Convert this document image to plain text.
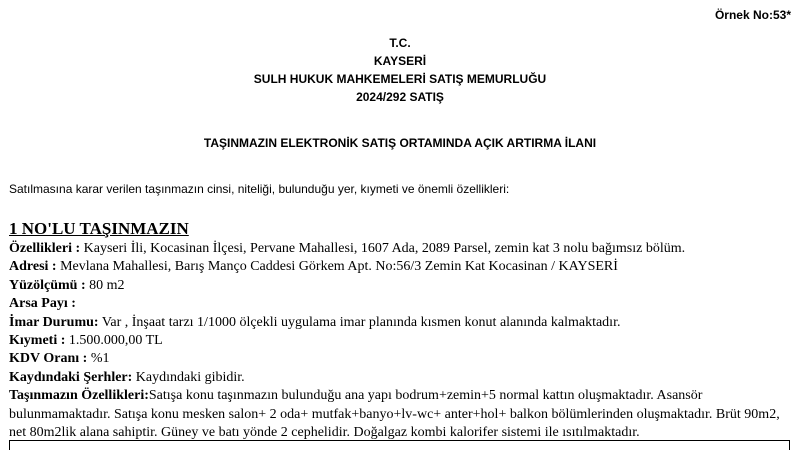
Örnek No:53*
T.C.
KAYSERİ
SULH HUKUK MAHKEMELERİ SATIŞ MEMURLUĞU
2024/292 SATIŞ
TAŞINMAZIN ELEKTRONİK SATIŞ ORTAMINDA AÇIK ARTIRMA İLANI
Satılmasına karar verilen taşınmazın cinsi, niteliği, bulunduğu yer, kıymeti ve önemli özellikleri:
1 NO'LU TAŞINMAZIN
Özellikleri : Kayseri İli, Kocasinan İlçesi, Pervane Mahallesi, 1607 Ada, 2089 Parsel, zemin kat 3 nolu bağımsız bölüm.
Adresi : Mevlana Mahallesi, Barış Manço Caddesi Görkem Apt. No:56/3 Zemin Kat Kocasinan / KAYSERİ
Yüzölçümü : 80 m2
Arsa Payı :
İmar Durumu: Var , İnşaat tarzı 1/1000 ölçekli uygulama imar planında kısmen konut alanında kalmaktadır.
Kıymeti : 1.500.000,00 TL
KDV Oranı : %1
Kaydındaki Şerhler: Kaydındaki gibidir.
Taşınmazın Özellikleri:Satışa konu taşınmazın bulunduğu ana yapı bodrum+zemin+5 normal kattın oluşmaktadır. Asansör bulunmamaktadır. Satışa konu mesken salon+ 2 oda+ mutfak+banyo+lv-wc+ anter+hol+ balkon bölümlerinden oluşmaktadır. Brüt 90m2, net 80m2lik alana sahiptir. Güney ve batı yönde 2 cephelidir. Doğalgaz kombi kalorifer sistemi ile ısıtılmaktadır.
